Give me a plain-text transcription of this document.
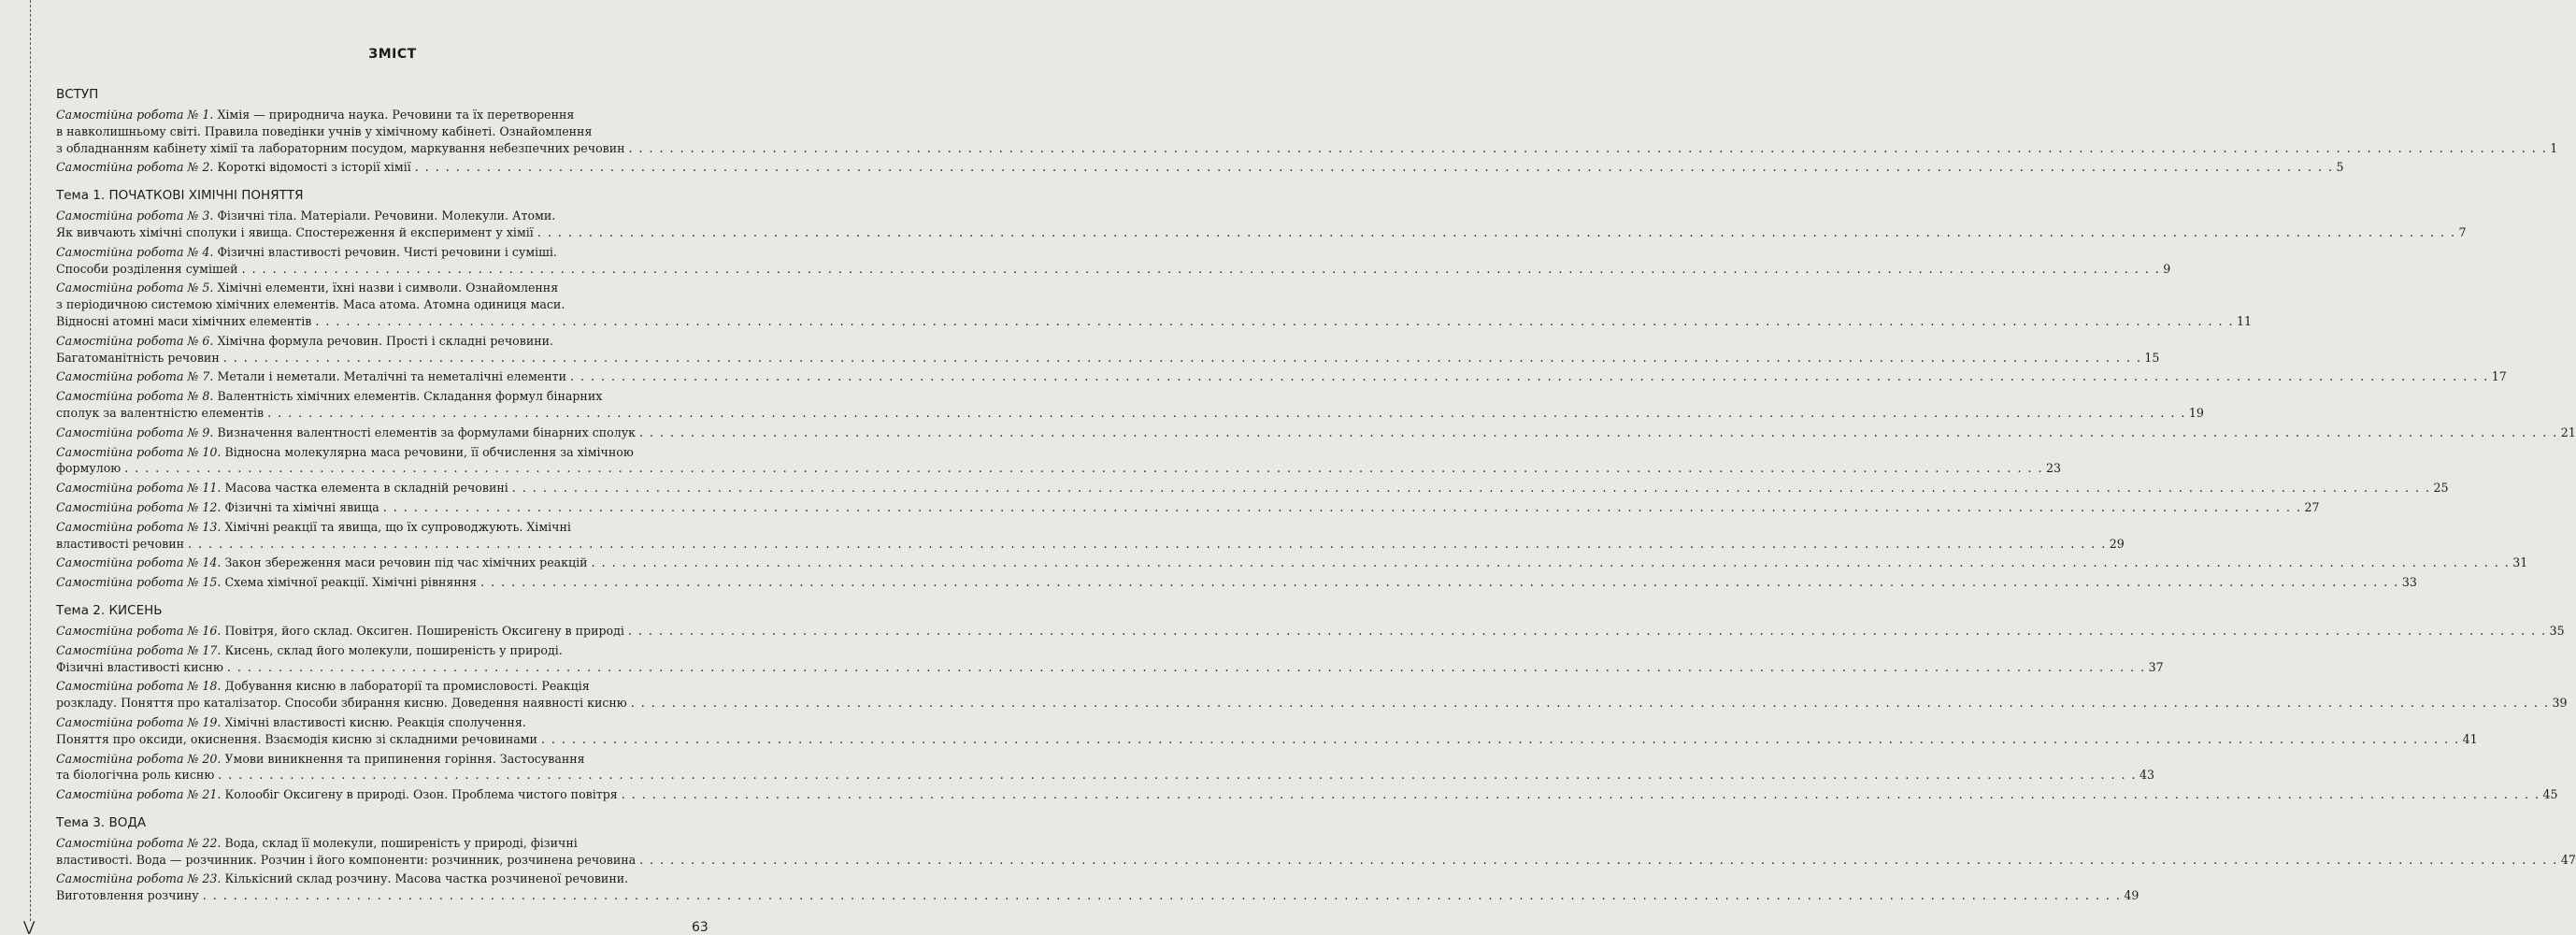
⋁
ЗМІСТ
ВСТУП
Самостійна робота № 1. Хімія — природнича наука. Речовини та їх перетворення
в навколишньому світі. Правила поведінки учнів у хімічному кабінеті. Ознайомлення
з обладнанням кабінету хімії та лабораторним посудом, маркування небезпечних речовин . . .	1
Самостійна робота № 2. Короткі відомості з історії хімії . . .	5
Тема 1. ПОЧАТКОВІ ХІМІЧНІ ПОНЯТТЯ
Самостійна робота № 3. Фізичні тіла. Матеріали. Речовини. Молекули. Атоми.
Як вивчають хімічні сполуки і явища. Спостереження й експеримент у хімії . . .	7
Самостійна робота № 4. Фізичні властивості речовин. Чисті речовини і суміші.
Способи розділення сумішей . . .	9
Самостійна робота № 5. Хімічні елементи, їхні назви і символи. Ознайомлення
з періодичною системою хімічних елементів. Маса атома. Атомна одиниця маси.
Відносні атомні маси хімічних елементів . . .	11
Самостійна робота № 6. Хімічна формула речовин. Прості і складні речовини.
Багатоманітність речовин . . .	15
Самостійна робота № 7. Метали і неметали. Металічні та неметалічні елементи . . .	17
Самостійна робота № 8. Валентність хімічних елементів. Складання формул бінарних
сполук за валентністю елементів . . .	19
Самостійна робота № 9. Визначення валентності елементів за формулами бінарних сполук . . .	21
Самостійна робота № 10. Відносна молекулярна маса речовини, її обчислення за хімічною
формулою . . .	23
Самостійна робота № 11. Масова частка елемента в складній речовині . . .	25
Самостійна робота № 12. Фізичні та хімічні явища . . .	27
Самостійна робота № 13. Хімічні реакції та явища, що їх супроводжують. Хімічні
властивості речовин . . .	29
Самостійна робота № 14. Закон збереження маси речовин під час хімічних реакцій . . .	31
Самостійна робота № 15. Схема хімічної реакції. Хімічні рівняння . . .	33
Тема 2. КИСЕНЬ
Самостійна робота № 16. Повітря, його склад. Оксиген. Поширеність Оксигену в природі . . .	35
Самостійна робота № 17. Кисень, склад його молекули, поширеність у природі.
Фізичні властивості кисню . . .	37
Самостійна робота № 18. Добування кисню в лабораторії та промисловості. Реакція
розкладу. Поняття про каталізатор. Способи збирання кисню. Доведення наявності кисню . . .	39
Самостійна робота № 19. Хімічні властивості кисню. Реакція сполучення.
Поняття про оксиди, окиснення. Взаємодія кисню зі складними речовинами . . .	41
Самостійна робота № 20. Умови виникнення та припинення горіння. Застосування
та біологічна роль кисню . . .	43
Самостійна робота № 21. Колообіг Оксигену в природі. Озон. Проблема чистого повітря . . .	45
Тема 3. ВОДА
Самостійна робота № 22. Вода, склад її молекули, поширеність у природі, фізичні
властивості. Вода — розчинник. Розчин і його компоненти: розчинник, розчинена речовина . . .	47
Самостійна робота № 23. Кількісний склад розчину. Масова частка розчиненої речовини.
Виготовлення розчину . . .	49
63
